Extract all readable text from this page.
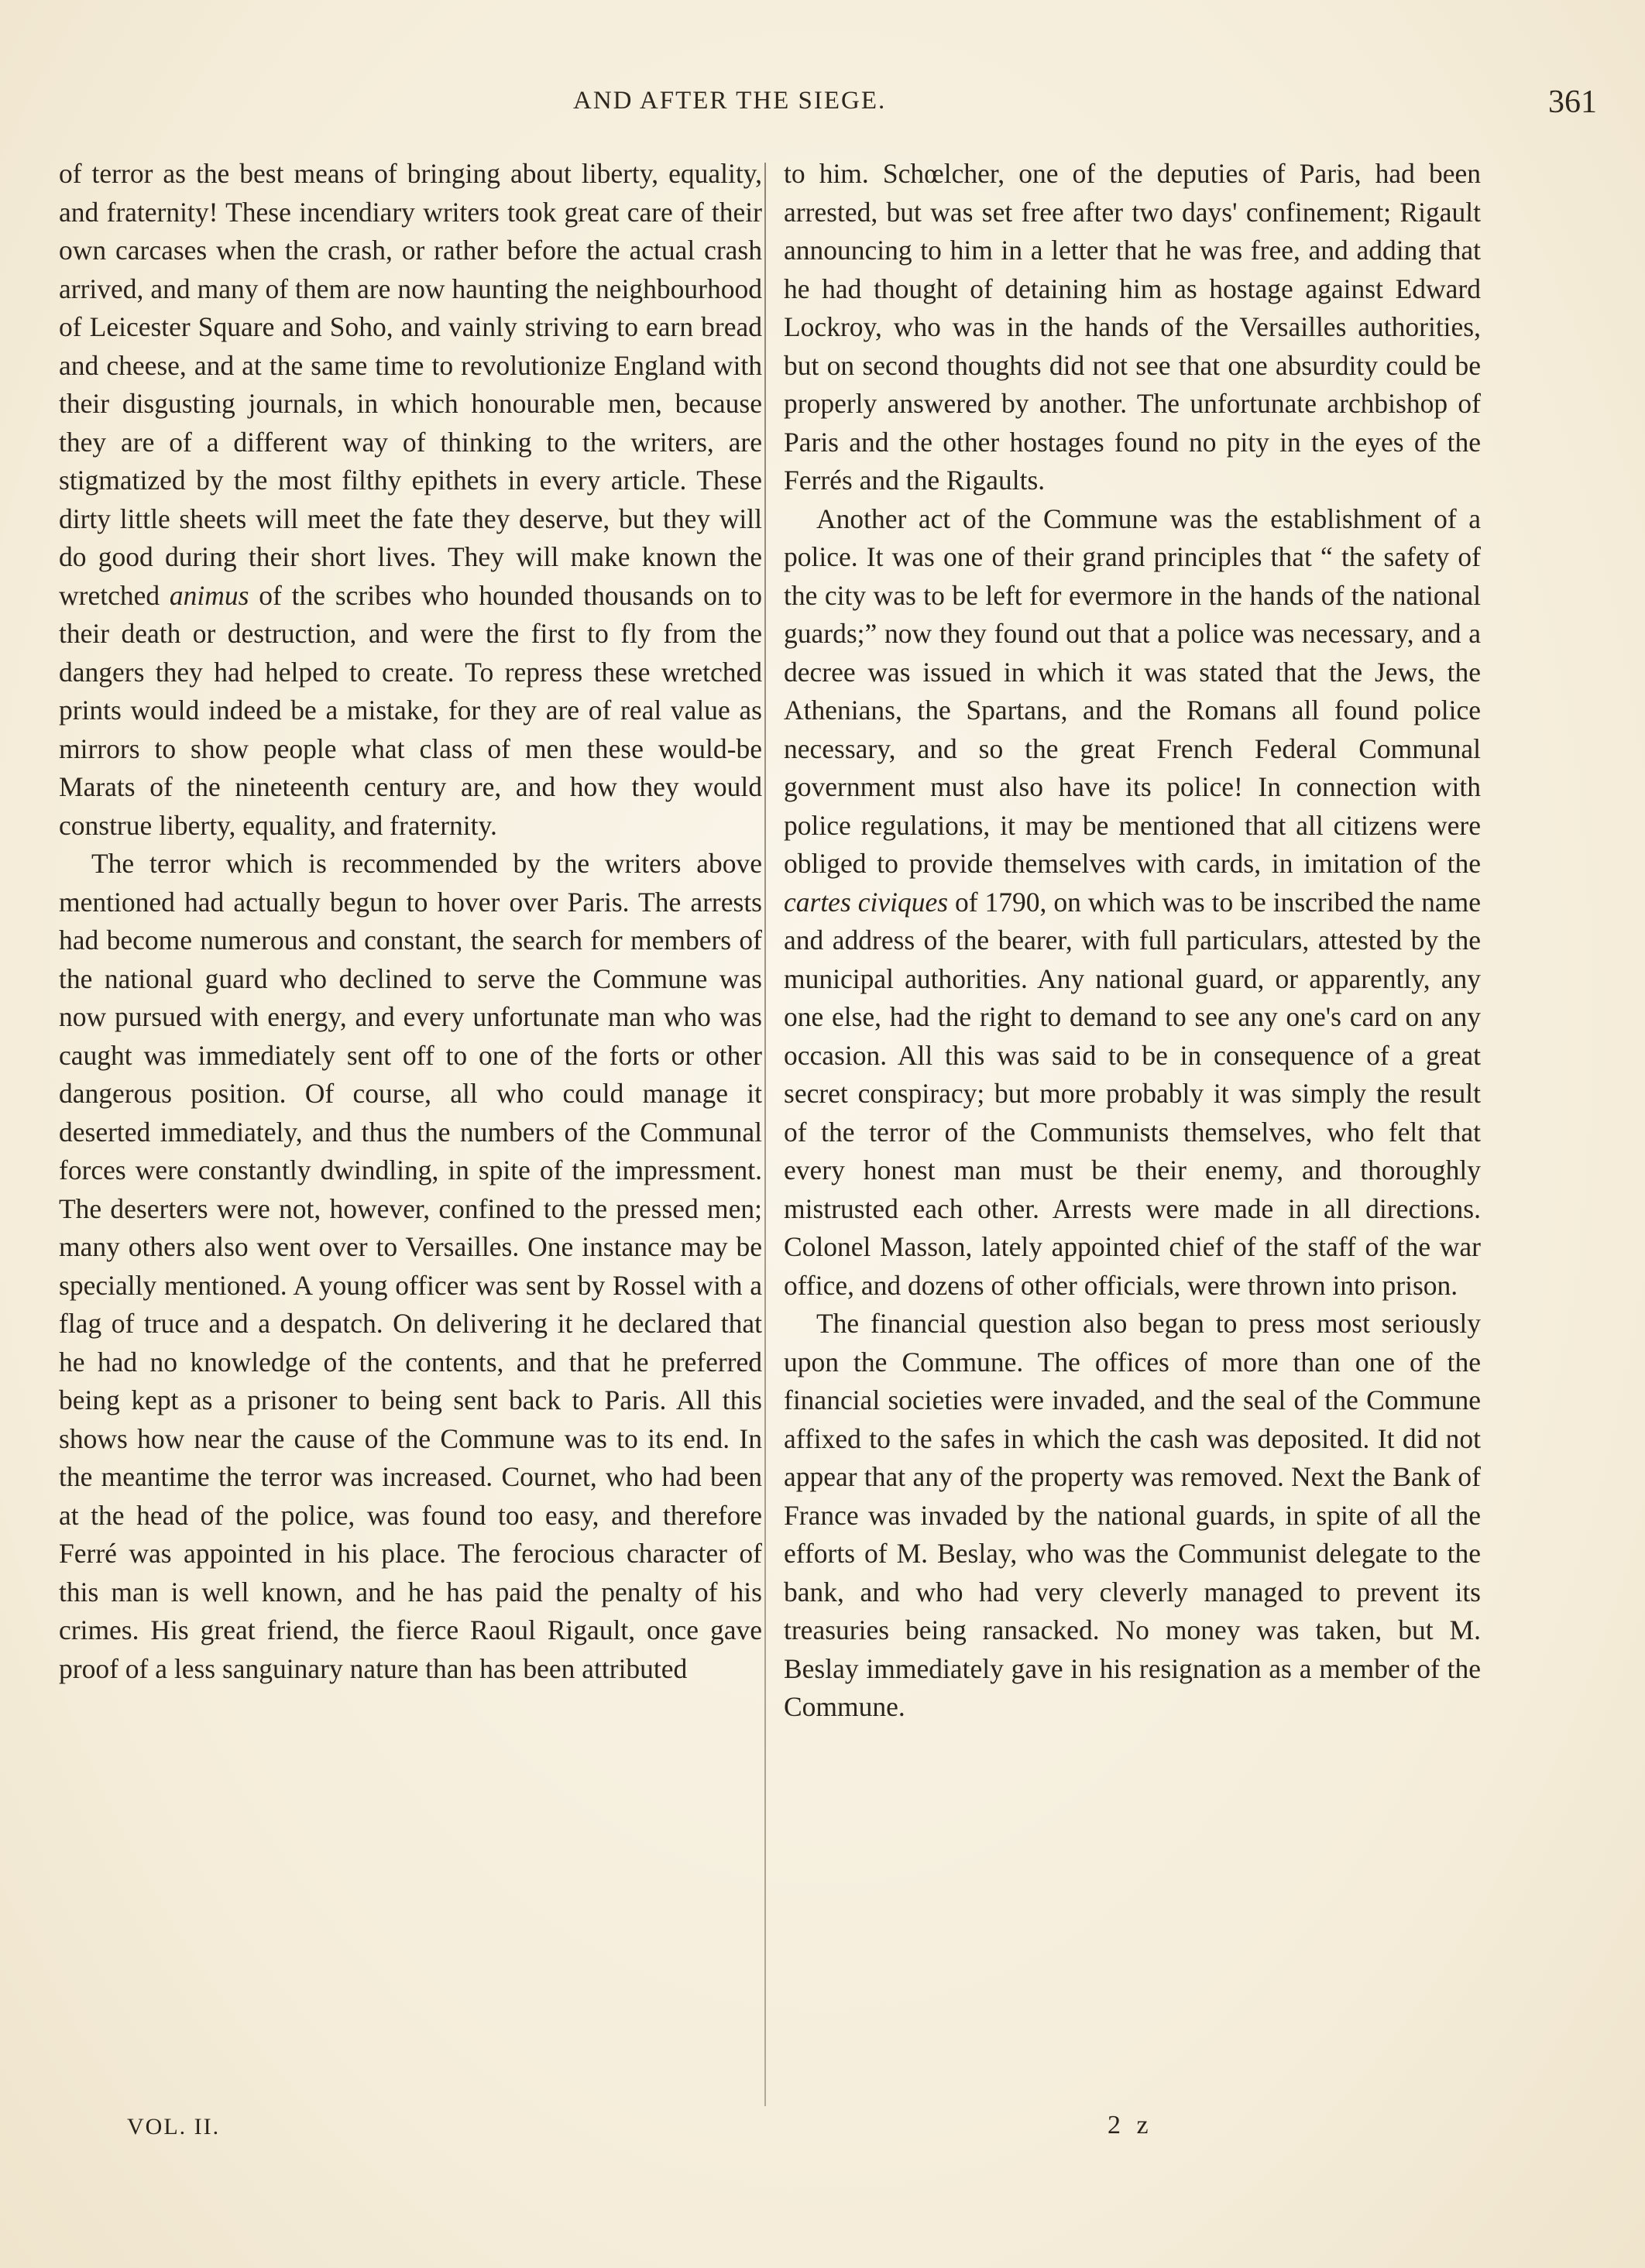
AND AFTER THE SIEGE.	361

of terror as the best means of bringing about liberty, equality, and fraternity! These incendiary writers took great care of their own carcases when the crash, or rather before the actual crash arrived, and many of them are now haunting the neighbourhood of Leicester Square and Soho, and vainly striving to earn bread and cheese, and at the same time to revolutionize England with their disgusting journals, in which honourable men, because they are of a different way of thinking to the writers, are stigmatized by the most filthy epithets in every article. These dirty little sheets will meet the fate they deserve, but they will do good during their short lives. They will make known the wretched animus of the scribes who hounded thousands on to their death or destruction, and were the first to fly from the dangers they had helped to create. To repress these wretched prints would indeed be a mistake, for they are of real value as mirrors to show people what class of men these would-be Marats of the nineteenth century are, and how they would construe liberty, equality, and fraternity.

The terror which is recommended by the writers above mentioned had actually begun to hover over Paris. The arrests had become numerous and constant, the search for members of the national guard who declined to serve the Commune was now pursued with energy, and every unfortunate man who was caught was immediately sent off to one of the forts or other dangerous position. Of course, all who could manage it deserted immediately, and thus the numbers of the Communal forces were constantly dwindling, in spite of the impressment. The deserters were not, however, confined to the pressed men; many others also went over to Versailles. One instance may be specially mentioned. A young officer was sent by Rossel with a flag of truce and a despatch. On delivering it he declared that he had no knowledge of the contents, and that he preferred being kept as a prisoner to being sent back to Paris. All this shows how near the cause of the Commune was to its end. In the meantime the terror was increased. Cournet, who had been at the head of the police, was found too easy, and therefore Ferré was appointed in his place. The ferocious character of this man is well known, and he has paid the penalty of his crimes. His great friend, the fierce Raoul Rigault, once gave proof of a less sanguinary nature than has been attributed

to him. Schœlcher, one of the deputies of Paris, had been arrested, but was set free after two days' confinement; Rigault announcing to him in a letter that he was free, and adding that he had thought of detaining him as hostage against Edward Lockroy, who was in the hands of the Versailles authorities, but on second thoughts did not see that one absurdity could be properly answered by another. The unfortunate archbishop of Paris and the other hostages found no pity in the eyes of the Ferrés and the Rigaults.

Another act of the Commune was the establishment of a police. It was one of their grand principles that “ the safety of the city was to be left for evermore in the hands of the national guards;” now they found out that a police was necessary, and a decree was issued in which it was stated that the Jews, the Athenians, the Spartans, and the Romans all found police necessary, and so the great French Federal Communal government must also have its police! In connection with police regulations, it may be mentioned that all citizens were obliged to provide themselves with cards, in imitation of the cartes civiques of 1790, on which was to be inscribed the name and address of the bearer, with full particulars, attested by the municipal authorities. Any national guard, or apparently, any one else, had the right to demand to see any one's card on any occasion. All this was said to be in consequence of a great secret conspiracy; but more probably it was simply the result of the terror of the Communists themselves, who felt that every honest man must be their enemy, and thoroughly mistrusted each other. Arrests were made in all directions. Colonel Masson, lately appointed chief of the staff of the war office, and dozens of other officials, were thrown into prison.

The financial question also began to press most seriously upon the Commune. The offices of more than one of the financial societies were invaded, and the seal of the Commune affixed to the safes in which the cash was deposited. It did not appear that any of the property was removed. Next the Bank of France was invaded by the national guards, in spite of all the efforts of M. Beslay, who was the Communist delegate to the bank, and who had very cleverly managed to prevent its treasuries being ransacked. No money was taken, but M. Beslay immediately gave in his resignation as a member of the Commune.

VOL. II.	2 z
